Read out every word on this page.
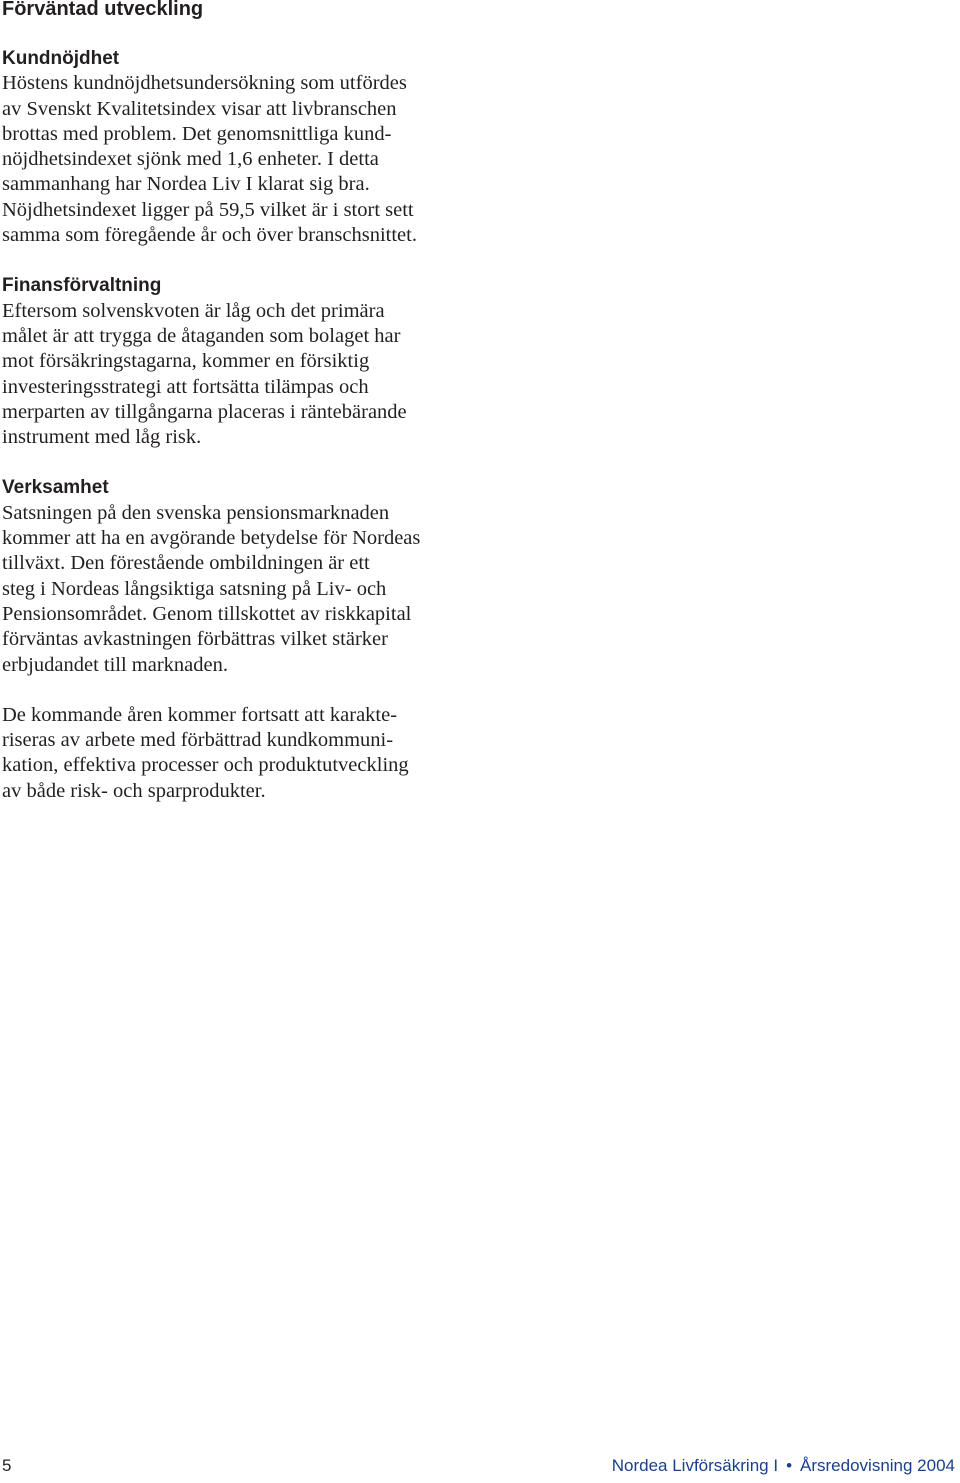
Förväntad utveckling
Kundnöjdhet

Höstens kundnöjdhetsundersökning som utfördes
av Svenskt Kvalitetsindex visar att livbranschen
brottas med problem. Det genomsnittliga kund-
nöjdhetsindexet sjönk med 1,6 enheter. I detta
sammanhang har Nordea Liv I klarat sig bra.
Nöjdhetsindexet ligger på 59,5 vilket är i stort sett
samma som föregående år och över branschsnittet.

Finansförvaltning

Eftersom solvenskvoten är låg och det primära
målet är att trygga de åtaganden som bolaget har
mot försäkringstagarna, kommer en försiktig
investeringsstrategi att fortsätta tilämpas och
merparten av tillgångarna placeras i räntebärande
instrument med låg risk.

Verksamhet

Satsningen på den svenska pensionsmarknaden
kommer att ha en avgörande betydelse för Nordeas
tillväxt. Den förestående ombildningen är ett
steg i Nordeas långsiktiga satsning på Liv- och
Pensionsområdet. Genom tillskottet av riskkapital
förväntas avkastningen förbättras vilket stärker
erbjudandet till marknaden.

De kommande åren kommer fortsatt att karakte-
riseras av arbete med förbättrad kundkommuni-
kation, effektiva processer och produktutveckling
av både risk- och sparprodukter.

5	Nordea Livförsäkring I • Årsredovisning 2004
